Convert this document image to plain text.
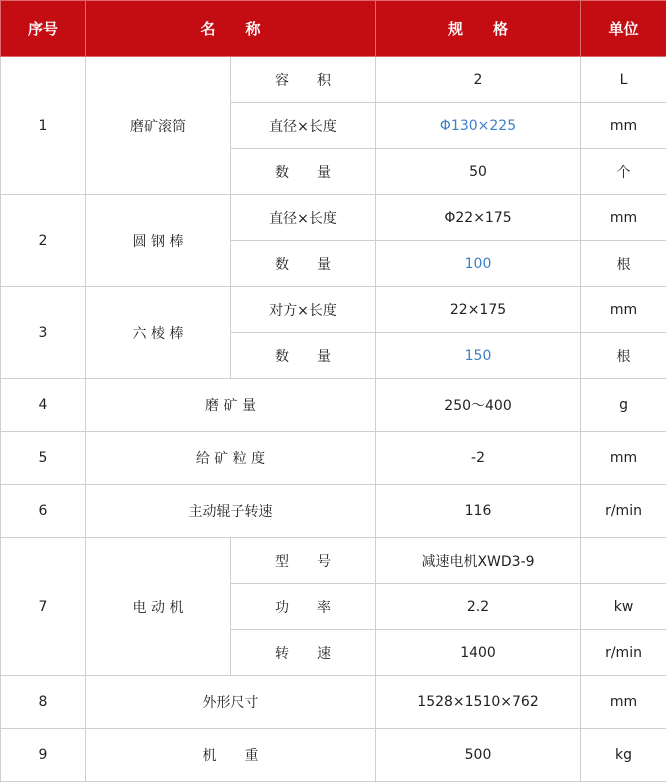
序号	名　　称		规　　格	单位
1	磨矿滚筒	容　　积	2	L
		直径×长度	Φ130×225	mm
		数　　量	50	个
2	圆 钢 棒	直径×长度	Φ22×175	mm
		数　　量	100	根
3	六 棱 棒	对方×长度	22×175	mm
		数　　量	150	根
4	磨 矿 量		250～400	g
5	给 矿 粒 度		-2	mm
6	主动辊子转速		116	r/min
7	电 动 机	型　　号	减速电机XWD3-9	
		功　　率	2.2	kw
		转　　速	1400	r/min
8	外形尺寸		1528×1510×762	mm
9	机　　重		500	kg
